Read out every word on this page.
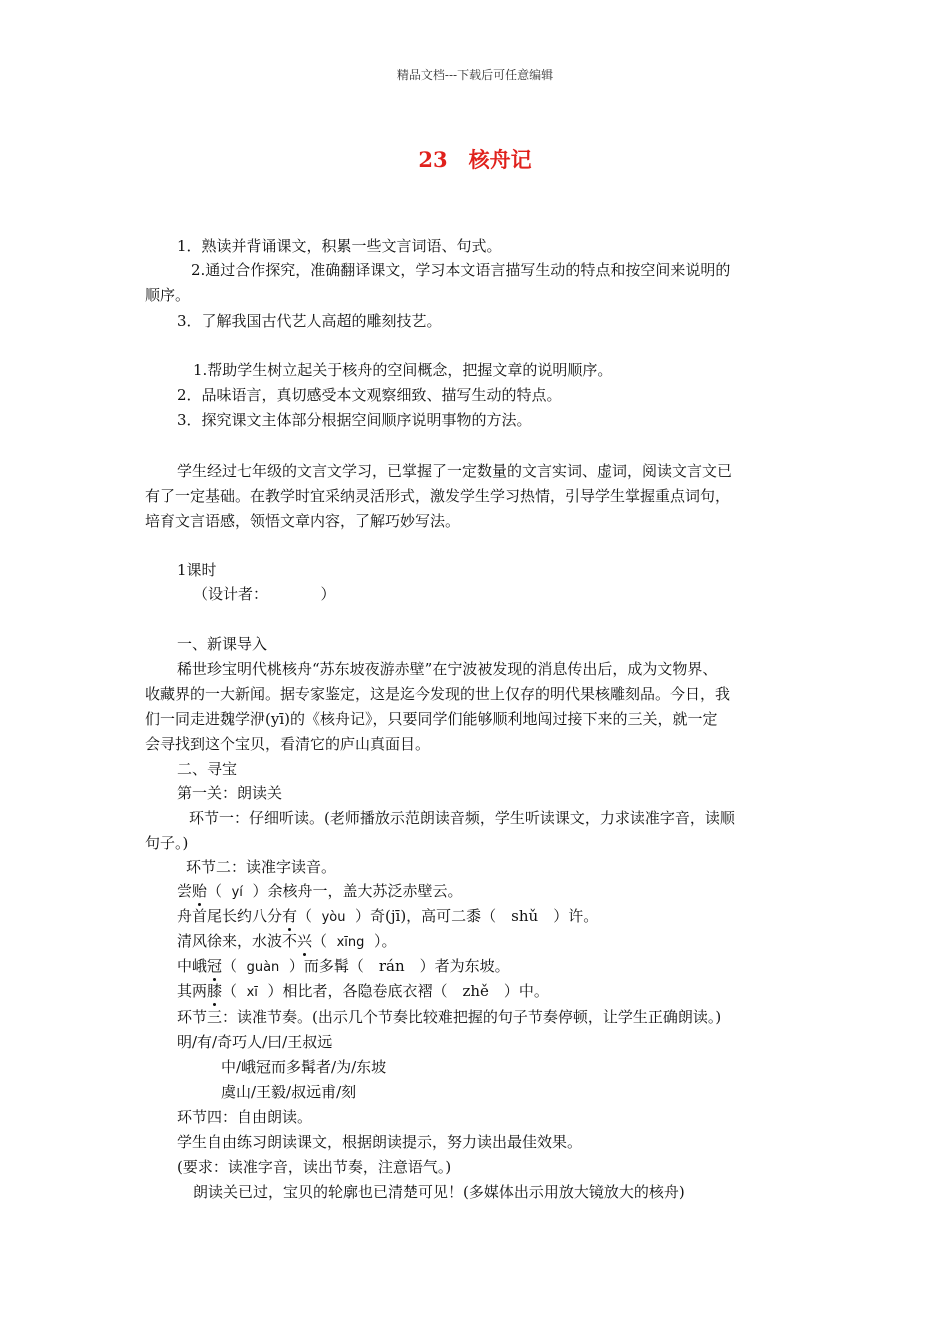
精品文档---下载后可任意编辑
23　核舟记
1．熟读并背诵课文，积累一些文言词语、句式。
2.通过合作探究，准确翻译课文，学习本文语言描写生动的特点和按空间来说明的
顺序。
3．了解我国古代艺人高超的雕刻技艺。
1.帮助学生树立起关于核舟的空间概念，把握文章的说明顺序。
2．品味语言，真切感受本文观察细致、描写生动的特点。
3．探究课文主体部分根据空间顺序说明事物的方法。
学生经过七年级的文言文学习，已掌握了一定数量的文言实词、虚词，阅读文言文已
有了一定基础。在教学时宜采纳灵活形式，激发学生学习热情，引导学生掌握重点词句，
培育文言语感，领悟文章内容，了解巧妙写法。
1课时
（设计者：　　　　）
一、新课导入
稀世珍宝明代桃核舟“苏东坡夜游赤壁”在宁波被发现的消息传出后，成为文物界、
收藏界的一大新闻。据专家鉴定，这是迄今发现的世上仅存的明代果核雕刻品。今日，我
们一同走进魏学洢(yī)的《核舟记》，只要同学们能够顺利地闯过接下来的三关，就一定
会寻找到这个宝贝，看清它的庐山真面目。
二、寻宝
第一关：朗读关
环节一：仔细听读。(老师播放示范朗读音频，学生听读课文，力求读准字音，读顺
句子。)
环节二：读准字读音。
尝贻（ yí ）余核舟一，盖大苏泛赤壁云。
舟首尾长约八分有（ yòu ）奇(jī)，高可二黍（　shǔ　）许。
清风徐来，水波不兴（ xīng ）。
中峨冠（ guàn ）而多髯（　rán　）者为东坡。
其两膝（ xī ）相比者，各隐卷底衣褶（　zhě　）中。
环节三：读准节奏。(出示几个节奏比较难把握的句子节奏停顿，让学生正确朗读。)
明/有/奇巧人/曰/王叔远
中/峨冠而多髯者/为/东坡
虞山/王毅/叔远甫/刻
环节四：自由朗读。
学生自由练习朗读课文，根据朗读提示，努力读出最佳效果。
(要求：读准字音，读出节奏，注意语气。)
朗读关已过，宝贝的轮廓也已清楚可见！(多媒体出示用放大镜放大的核舟)
